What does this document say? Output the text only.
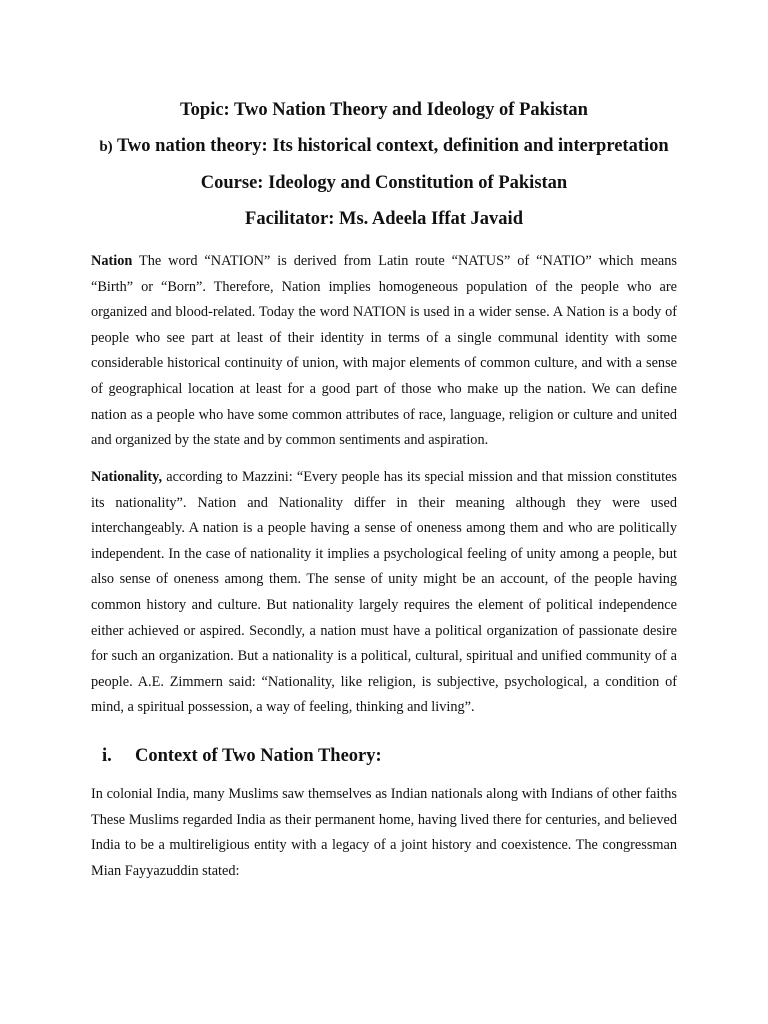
Topic: Two Nation Theory and Ideology of Pakistan
b) Two nation theory: Its historical context, definition and interpretation
Course: Ideology and Constitution of Pakistan
Facilitator: Ms. Adeela Iffat Javaid

Nation The word “NATION” is derived from Latin route “NATUS” of “NATIO” which means “Birth” or “Born”. Therefore, Nation implies homogeneous population of the people who are organized and blood-related. Today the word NATION is used in a wider sense. A Nation is a body of people who see part at least of their identity in terms of a single communal identity with some considerable historical continuity of union, with major elements of common culture, and with a sense of geographical location at least for a good part of those who make up the nation. We can define nation as a people who have some common attributes of race, language, religion or culture and united and organized by the state and by common sentiments and aspiration.

Nationality, according to Mazzini: “Every people has its special mission and that mission constitutes its nationality”. Nation and Nationality differ in their meaning although they were used interchangeably. A nation is a people having a sense of oneness among them and who are politically independent. In the case of nationality it implies a psychological feeling of unity among a people, but also sense of oneness among them. The sense of unity might be an account, of the people having common history and culture. But nationality largely requires the element of political independence either achieved or aspired. Secondly, a nation must have a political organization of passionate desire for such an organization. But a nationality is a political, cultural, spiritual and unified community of a people. A.E. Zimmern said: “Nationality, like religion, is subjective, psychological, a condition of mind, a spiritual possession, a way of feeling, thinking and living”.

i. Context of Two Nation Theory:

In colonial India, many Muslims saw themselves as Indian nationals along with Indians of other faiths These Muslims regarded India as their permanent home, having lived there for centuries, and believed India to be a multireligious entity with a legacy of a joint history and coexistence. The congressman Mian Fayyazuddin stated:
